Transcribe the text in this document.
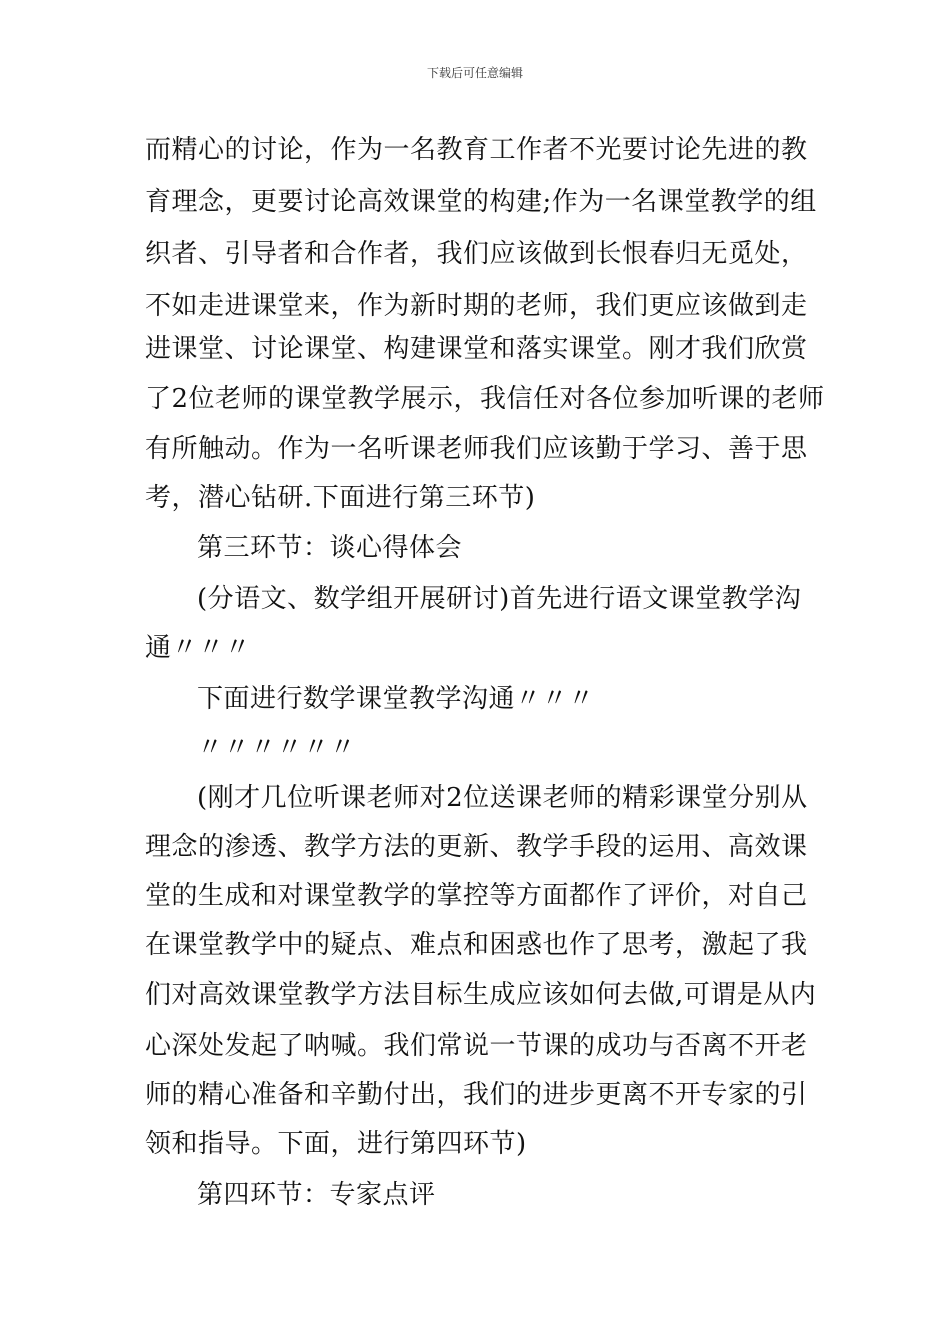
下载后可任意编辑
而精心的讨论，作为一名教育工作者不光要讨论先进的教
育理念，更要讨论高效课堂的构建;作为一名课堂教学的组
织者、引导者和合作者，我们应该做到长恨春归无觅处，
不如走进课堂来，作为新时期的老师，我们更应该做到走
进课堂、讨论课堂、构建课堂和落实课堂。刚才我们欣赏
了2位老师的课堂教学展示，我信任对各位参加听课的老师
有所触动。作为一名听课老师我们应该勤于学习、善于思
考，潜心钻研.下面进行第三环节)
第三环节：谈心得体会
(分语文、数学组开展研讨)首先进行语文课堂教学沟
通〃〃〃
下面进行数学课堂教学沟通〃〃〃
〃〃〃〃〃〃
(刚才几位听课老师对2位送课老师的精彩课堂分别从
理念的渗透、教学方法的更新、教学手段的运用、高效课
堂的生成和对课堂教学的掌控等方面都作了评价，对自己
在课堂教学中的疑点、难点和困惑也作了思考，激起了我
们对高效课堂教学方法目标生成应该如何去做,可谓是从内
心深处发起了呐喊。我们常说一节课的成功与否离不开老
师的精心准备和辛勤付出，我们的进步更离不开专家的引
领和指导。下面，进行第四环节)
第四环节：专家点评
